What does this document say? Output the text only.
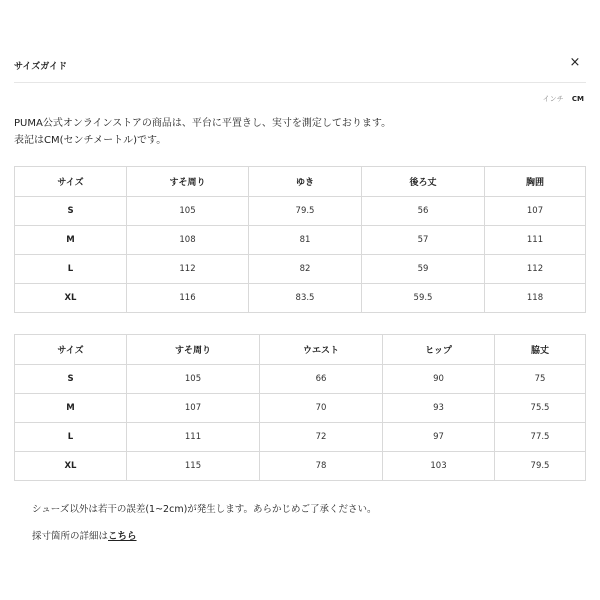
サイズガイド	×
インチ CM
PUMA公式オンラインストアの商品は、平台に平置きし、実寸を測定しております。
表記はCM(センチメートル)です。
サイズ	すそ周り	ゆき	後ろ丈	胸囲
S	105	79.5	56	107
M	108	81	57	111
L	112	82	59	112
XL	116	83.5	59.5	118
サイズ	すそ周り	ウエスト	ヒップ	脇丈
S	105	66	90	75
M	107	70	93	75.5
L	111	72	97	77.5
XL	115	78	103	79.5
シューズ以外は若干の誤差(1~2cm)が発生します。あらかじめご了承ください。
採寸箇所の詳細はこちら
